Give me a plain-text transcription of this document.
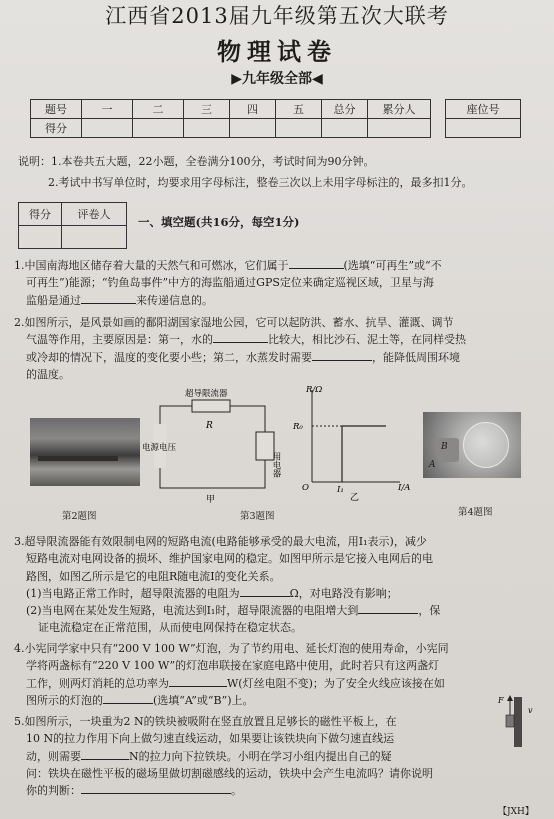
江西省2013届九年级第五次大联考
物理试卷
▶九年级全部◀
题号	一	二	三	四	五	总分	累分人
得分							
座位号

说明：1.本卷共五大题，22小题，全卷满分100分，考试时间为90分钟。
2.考试中书写单位时，均要求用字母标注，整卷三次以上未用字母标注的，最多扣1分。
得分	评卷人

一、填空题(共16分，每空1分)
1.中国南海地区储存着大量的天然气和可燃冰，它们属于	(选填“可再生”或“不
可再生”)能源；“钓鱼岛事件”中方的海监船通过GPS定位来确定巡视区域，卫星与海
监船是通过	来传递信息的。
2.如图所示，是风景如画的鄱阳湖国家湿地公园，它可以起防洪、蓄水、抗旱、灌溉、调节
气温等作用，主要原因是：第一，水的	比较大，相比沙石、泥土等，在同样受热
或冷却的情况下，温度的变化要小些；第二，水蒸发时需要	，能降低周围环境
的温度。
超导限流器
R
电源电压
用电器
甲
R/Ω
R₀
O	I₁	I/A
乙
A
B
第2题图	第3题图	第4题图
3.超导限流器能有效限制电网的短路电流(电路能够承受的最大电流，用I₁表示)，减少
短路电流对电网设备的损坏、维护国家电网的稳定。如图甲所示是它接入电网后的电
路图，如图乙所示是它的电阻R随电流I的变化关系。
(1)当电路正常工作时，超导限流器的电阻为	Ω，对电路没有影响；
(2)当电网在某处发生短路，电流达到I₁时，超导限流器的电阻增大到	，保
证电流稳定在正常范围，从而使电网保持在稳定状态。
4.小宪同学家中只有“200 V 100 W”灯泡，为了节约用电、延长灯泡的使用寿命，小宪同
学将两盏标有“220 V 100 W”的灯泡串联接在家庭电路中使用，此时若只有这两盏灯
工作，则两灯消耗的总功率为	W(灯丝电阻不变)；为了安全火线应该接在如
图所示的灯泡的	(选填“A”或“B”)上。
5.如图所示，一块重为2 N的铁块被吸附在竖直放置且足够长的磁性平板上，在
10 N的拉力作用下向上做匀速直线运动，如果要让该铁块向下做匀速直线运
动，则需要	N的拉力向下拉铁块。小明在学习小组内提出自己的疑
问：铁块在磁性平板的磁场里做切割磁感线的运动，铁块中会产生电流吗？请你说明
你的判断：	。
F
v
【JXH】
